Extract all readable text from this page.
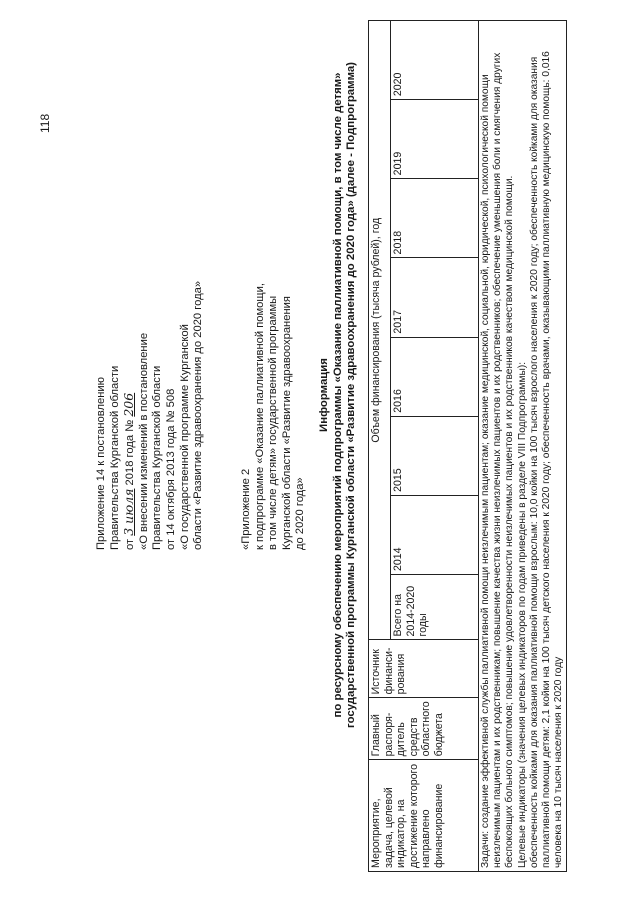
118
Приложение 14 к постановлению Правительства Курганской области от 3 июля 2018 года № 206 «О внесении изменений в постановление Правительства Курганской области от 14 октября 2013 года № 508 «О государственной программе Курганской области «Развитие здравоохранения до 2020 года»	«Приложение 2 к подпрограмме «Оказание паллиативной помощи, в том числе детям» государственной программы Курганской области «Развитие здравоохранения до 2020 года»
Информация по ресурсному обеспечению мероприятий подпрограммы «Оказание паллиативной помощи, в том числе детям» государственной программы Курганской области «Развитие здравоохранения до 2020 года» (далее - Подпрограмма)
Мероприятие, задача, целевой индикатор, на достижение которого направлено финансирование	Главный распоря-дитель средств областного бюджета	Источник финанси-рования	Объем финансирования (тысяча рублей), год							
			Всего на 2014-2020 годы	2014	2015	2016	2017	2018	2019	2020

Задачи: создание эффективной службы паллиативной помощи неизлечимым пациентам; оказание медицинской, социальной, юридической, психологической помощи неизлечимым пациентам и их родственникам; повышение качества жизни неизлечимых пациентов и их родственников; обеспечение уменьшения боли и смягчения других беспокоящих больного симптомов; повышение удовлетворенности неизлечимых пациентов и их родственников качеством медицинской помощи. Целевые индикаторы (значения целевых индикаторов по годам приведены в разделе VIII Подпрограммы): обеспеченность койками для оказания паллиативной помощи взрослым: 10,0 койки на 100 тысяч взрослого населения к 2020 году; обеспеченность койками для оказания паллиативной помощи детям: 2,1 койки на 100 тысяч детского населения к 2020 году; обеспеченность врачами, оказывающими паллиативную медицинскую помощь: 0,016 человека на 10 тысяч населения к 2020 году										
